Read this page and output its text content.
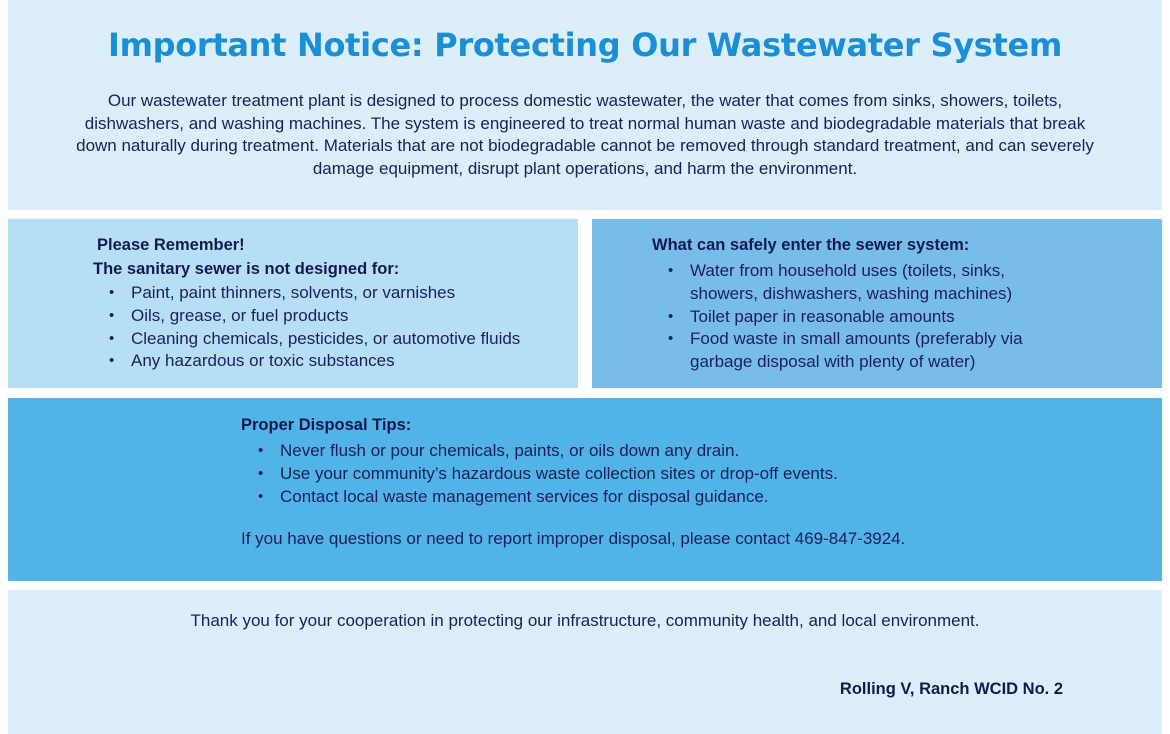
Important Notice: Protecting Our Wastewater System

Our wastewater treatment plant is designed to process domestic wastewater, the water that comes from sinks, showers, toilets, dishwashers, and washing machines. The system is engineered to treat normal human waste and biodegradable materials that break down naturally during treatment. Materials that are not biodegradable cannot be removed through standard treatment, and can severely damage equipment, disrupt plant operations, and harm the environment.

Please Remember!

The sanitary sewer is not designed for:

• Paint, paint thinners, solvents, or varnishes
• Oils, grease, or fuel products
• Cleaning chemicals, pesticides, or automotive fluids
• Any hazardous or toxic substances

What can safely enter the sewer system:

• Water from household uses (toilets, sinks,
showers, dishwashers, washing machines)
• Toilet paper in reasonable amounts
• Food waste in small amounts (preferably via
garbage disposal with plenty of water)

Proper Disposal Tips:

• Never flush or pour chemicals, paints, or oils down any drain.
• Use your community’s hazardous waste collection sites or drop-off events.
• Contact local waste management services for disposal guidance.

If you have questions or need to report improper disposal, please contact 469-847-3924.

Thank you for your cooperation in protecting our infrastructure, community health, and local environment.

Rolling V, Ranch WCID No. 2
